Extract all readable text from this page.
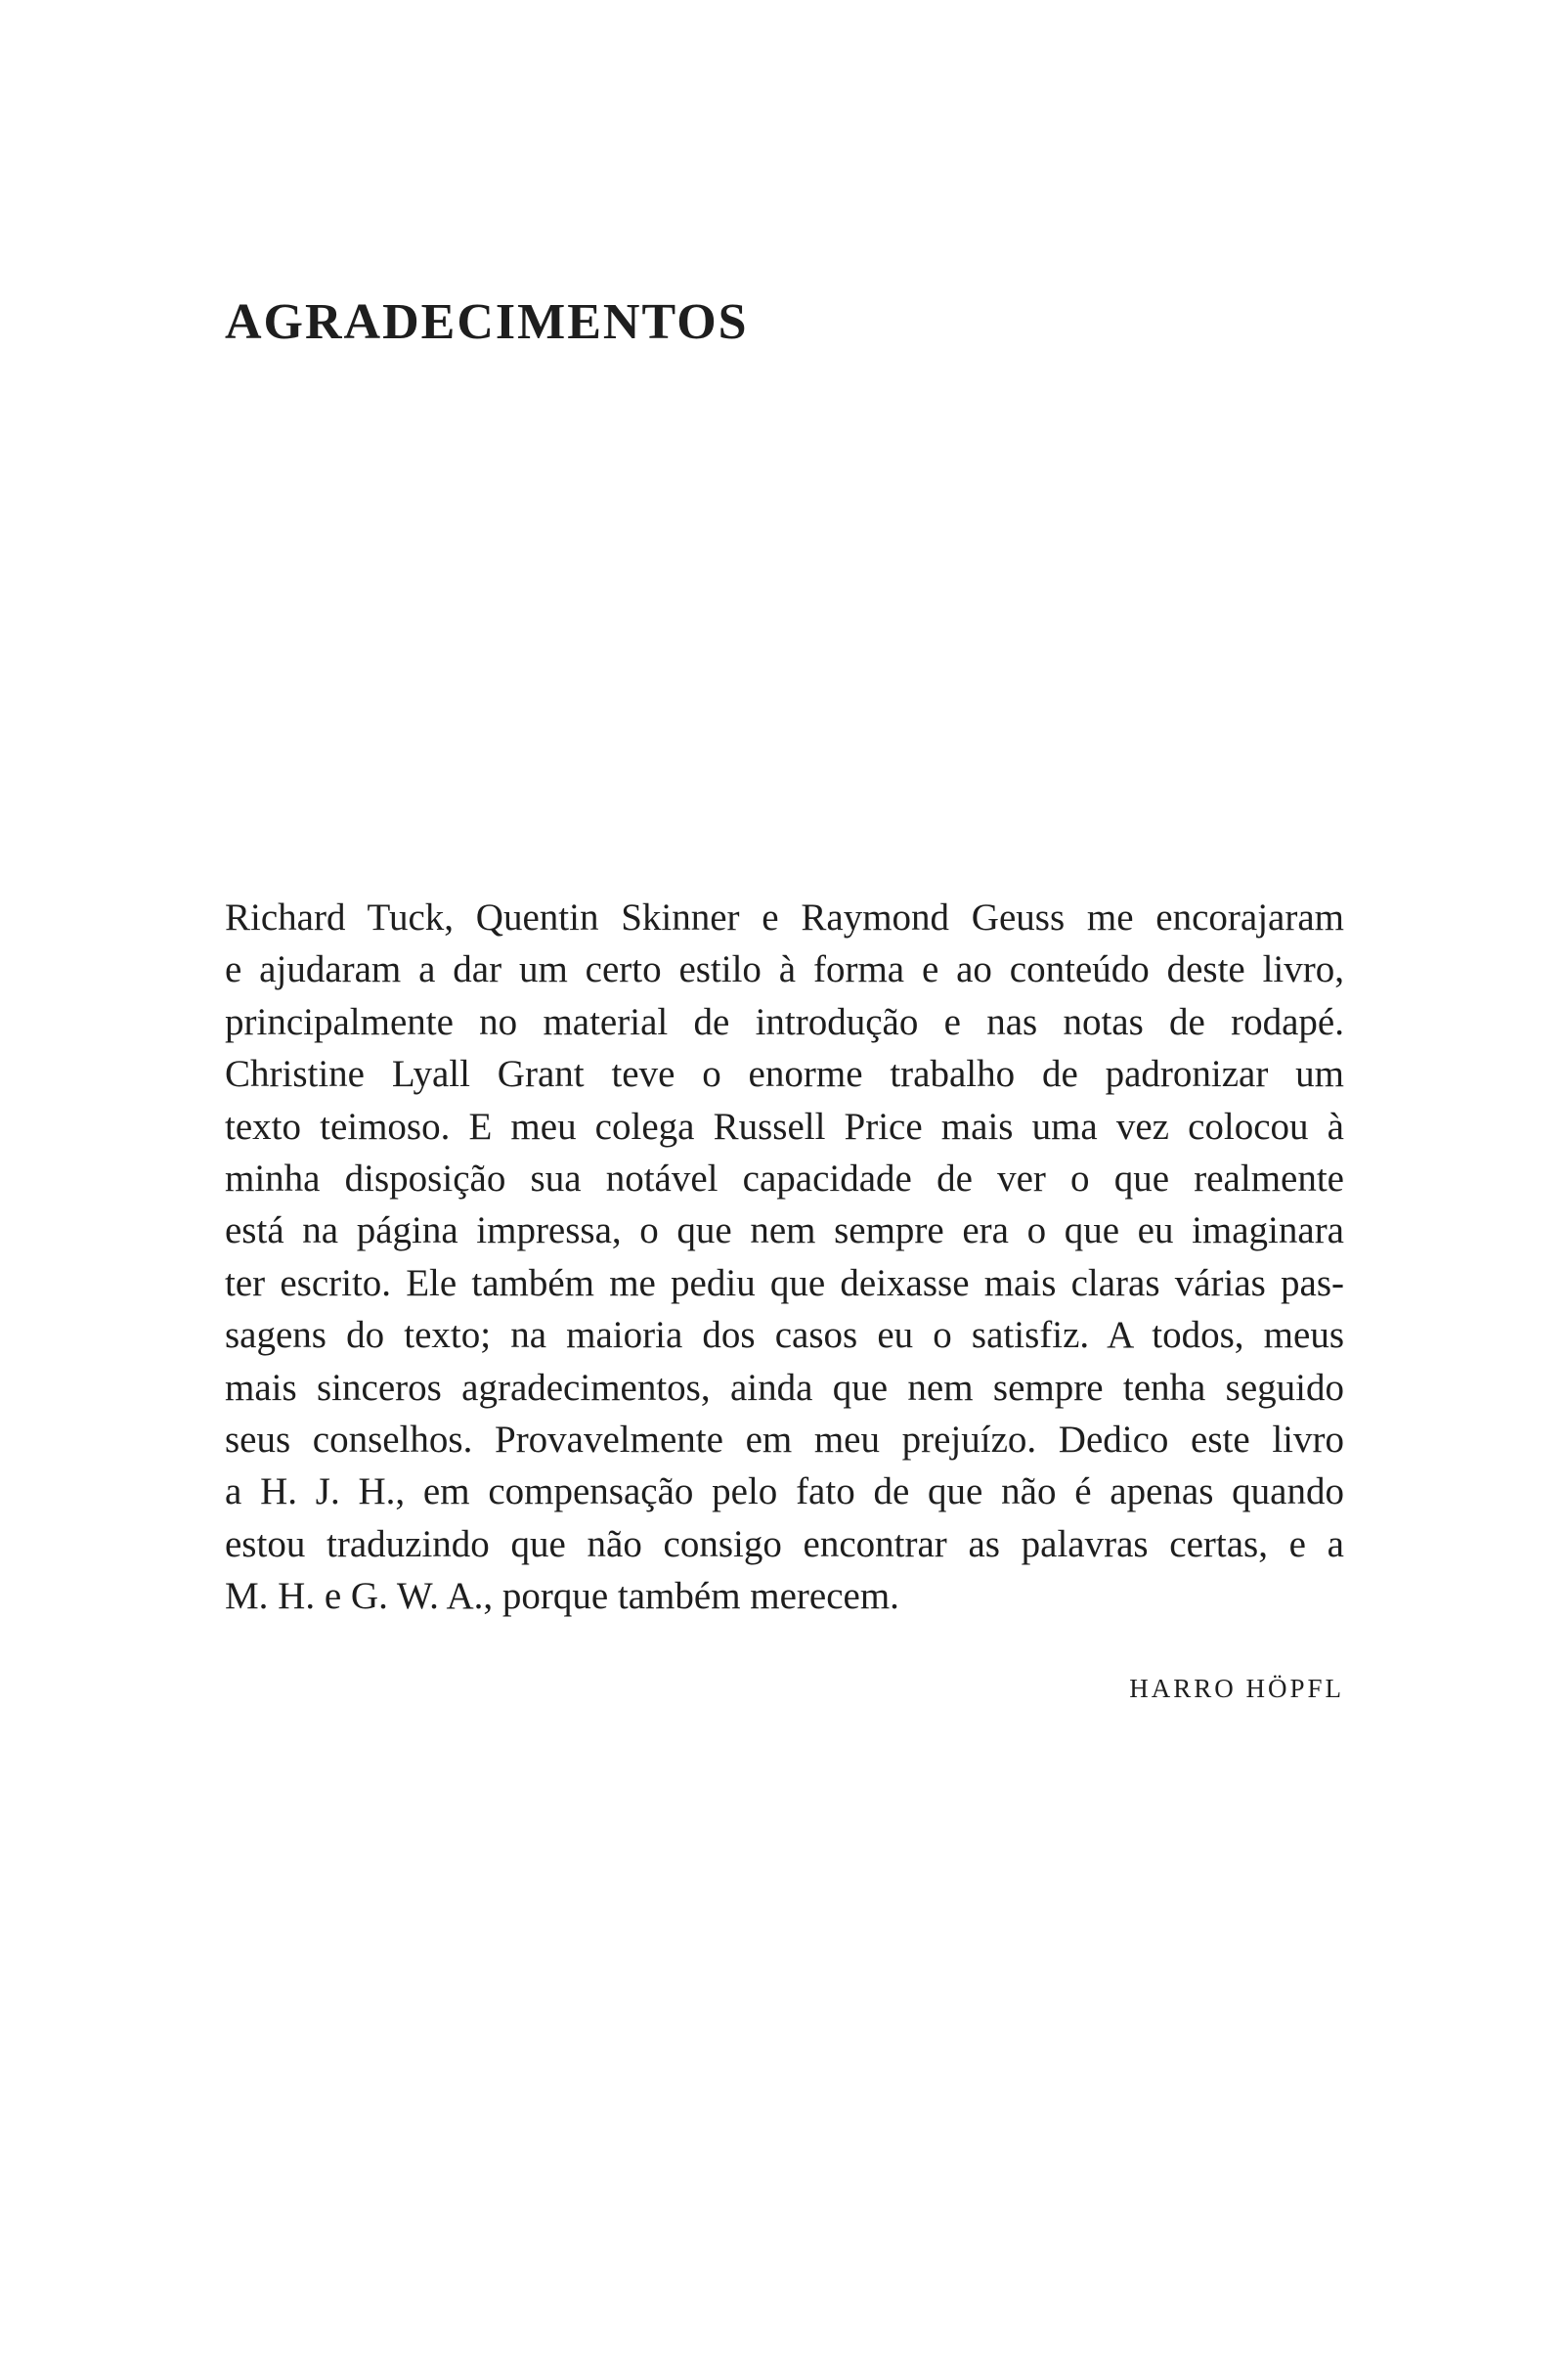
AGRADECIMENTOS
Richard Tuck, Quentin Skinner e Raymond Geuss me encorajaram
e ajudaram a dar um certo estilo à forma e ao conteúdo deste livro,
principalmente no material de introdução e nas notas de rodapé.
Christine Lyall Grant teve o enorme trabalho de padronizar um
texto teimoso. E meu colega Russell Price mais uma vez colocou à
minha disposição sua notável capacidade de ver o que realmente
está na página impressa, o que nem sempre era o que eu imaginara
ter escrito. Ele também me pediu que deixasse mais claras várias pas-
sagens do texto; na maioria dos casos eu o satisfiz. A todos, meus
mais sinceros agradecimentos, ainda que nem sempre tenha seguido
seus conselhos. Provavelmente em meu prejuízo. Dedico este livro
a H. J. H., em compensação pelo fato de que não é apenas quando
estou traduzindo que não consigo encontrar as palavras certas, e a
M. H. e G. W. A., porque também merecem.
HARRO HÖPFL
